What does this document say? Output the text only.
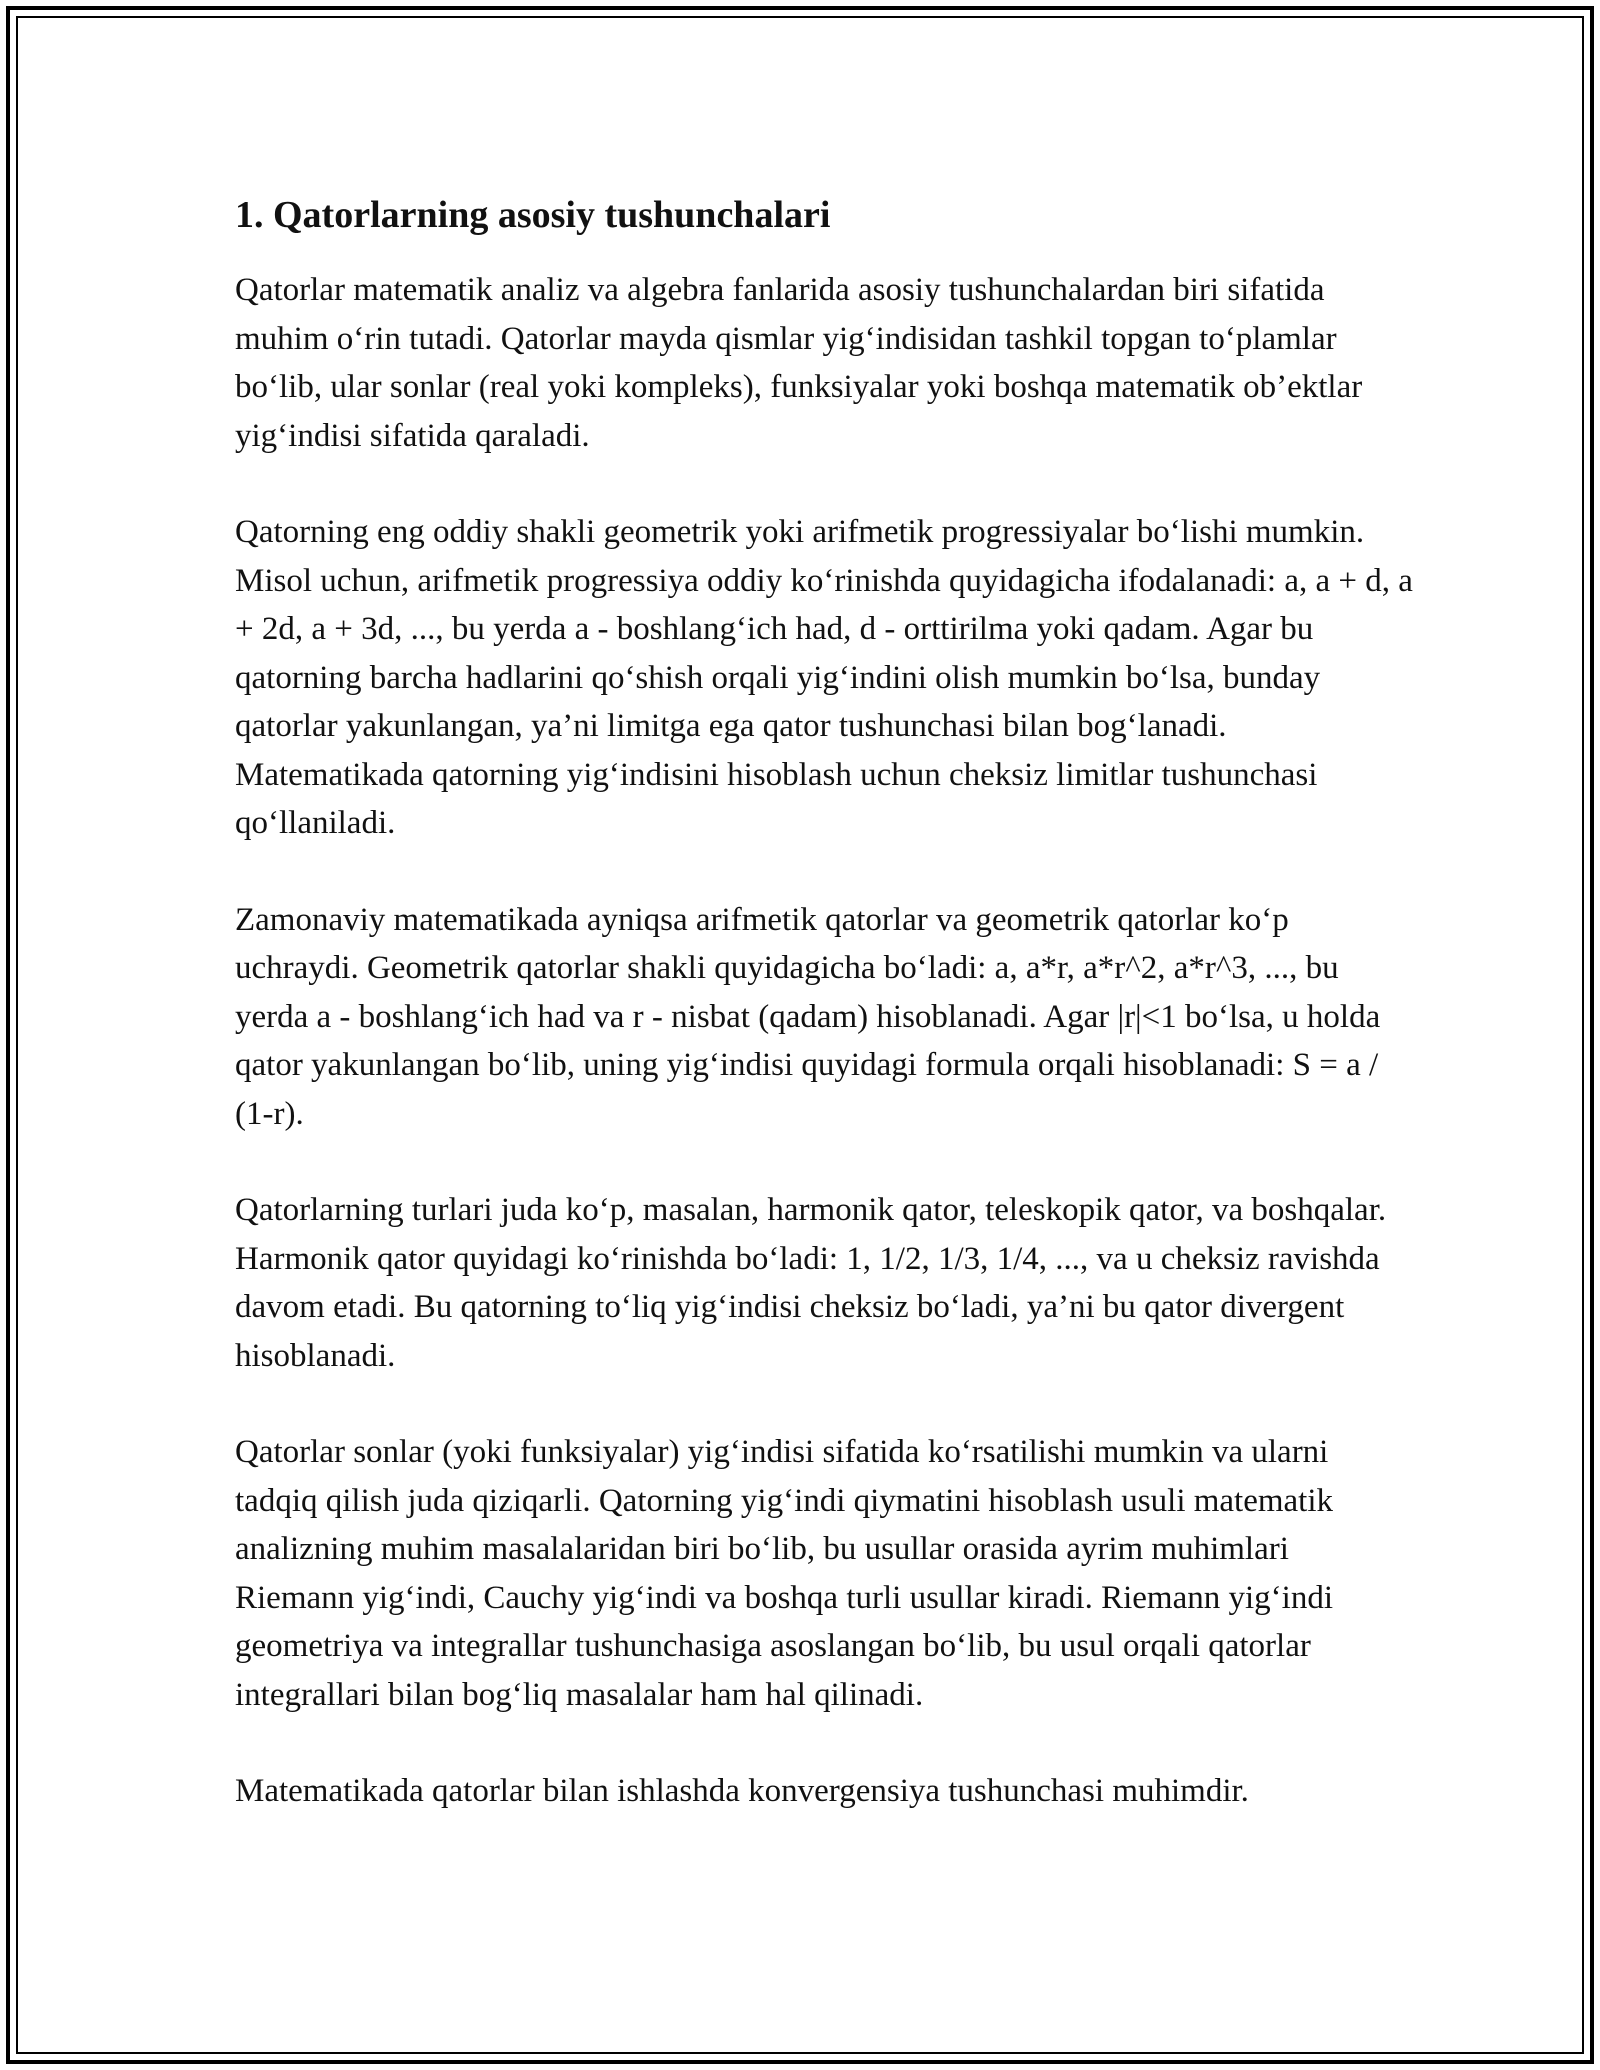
1. Qatorlarning asosiy tushunchalari

Qatorlar matematik analiz va algebra fanlarida asosiy tushunchalardan biri sifatida muhim o‘rin tutadi. Qatorlar mayda qismlar yig‘indisidan tashkil topgan to‘plamlar bo‘lib, ular sonlar (real yoki kompleks), funksiyalar yoki boshqa matematik ob’ektlar yig‘indisi sifatida qaraladi.

Qatorning eng oddiy shakli geometrik yoki arifmetik progressiyalar bo‘lishi mumkin. Misol uchun, arifmetik progressiya oddiy ko‘rinishda quyidagicha ifodalanadi: a, a + d, a + 2d, a + 3d, ..., bu yerda a - boshlang‘ich had, d - orttirilma yoki qadam. Agar bu qatorning barcha hadlarini qo‘shish orqali yig‘indini olish mumkin bo‘lsa, bunday qatorlar yakunlangan, ya’ni limitga ega qator tushunchasi bilan bog‘lanadi. Matematikada qatorning yig‘indisini hisoblash uchun cheksiz limitlar tushunchasi qo‘llaniladi.

Zamonaviy matematikada ayniqsa arifmetik qatorlar va geometrik qatorlar ko‘p uchraydi. Geometrik qatorlar shakli quyidagicha bo‘ladi: a, a*r, a*r^2, a*r^3, ..., bu yerda a - boshlang‘ich had va r - nisbat (qadam) hisoblanadi. Agar |r|<1 bo‘lsa, u holda qator yakunlangan bo‘lib, uning yig‘indisi quyidagi formula orqali hisoblanadi: S = a / (1-r).

Qatorlarning turlari juda ko‘p, masalan, harmonik qator, teleskopik qator, va boshqalar. Harmonik qator quyidagi ko‘rinishda bo‘ladi: 1, 1/2, 1/3, 1/4, ..., va u cheksiz ravishda davom etadi. Bu qatorning to‘liq yig‘indisi cheksiz bo‘ladi, ya’ni bu qator divergent hisoblanadi.

Qatorlar sonlar (yoki funksiyalar) yig‘indisi sifatida ko‘rsatilishi mumkin va ularni tadqiq qilish juda qiziqarli. Qatorning yig‘indi qiymatini hisoblash usuli matematik analizning muhim masalalaridan biri bo‘lib, bu usullar orasida ayrim muhimlari Riemann yig‘indi, Cauchy yig‘indi va boshqa turli usullar kiradi. Riemann yig‘indi geometriya va integrallar tushunchasiga asoslangan bo‘lib, bu usul orqali qatorlar integrallari bilan bog‘liq masalalar ham hal qilinadi.

Matematikada qatorlar bilan ishlashda konvergensiya tushunchasi muhimdir.
